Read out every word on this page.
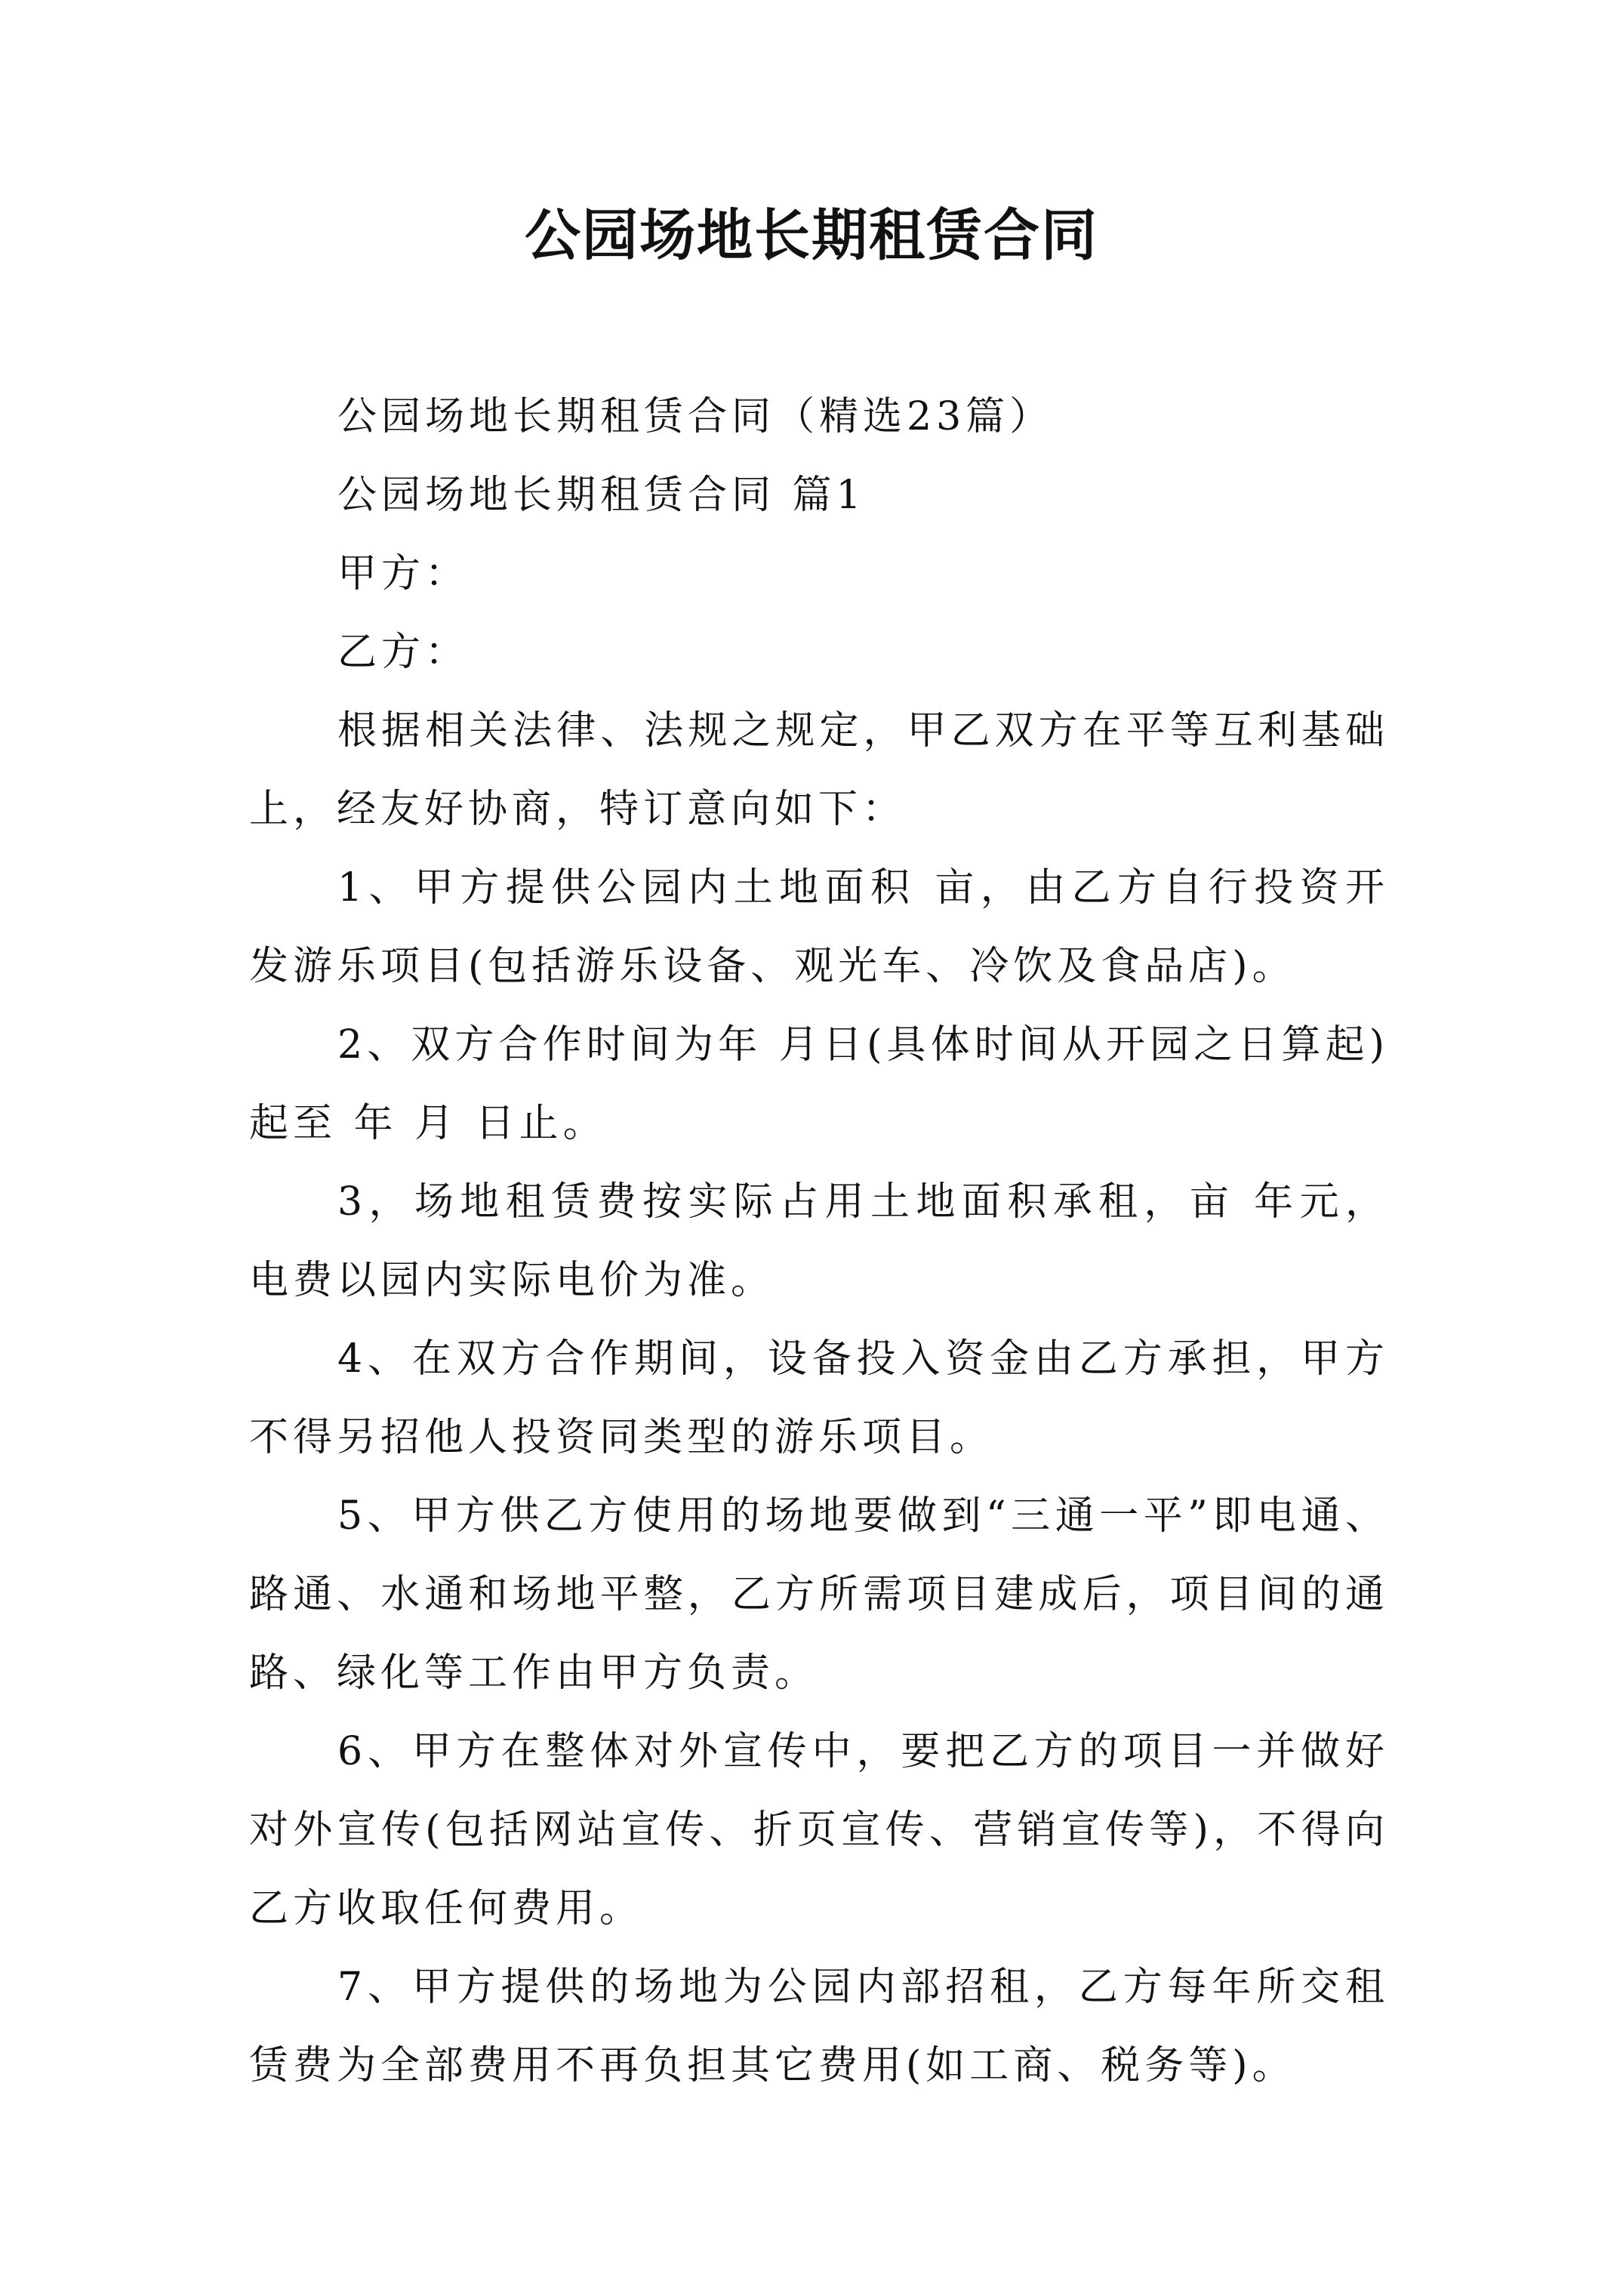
公园场地长期租赁合同

公园场地长期租赁合同（精选23篇）

公园场地长期租赁合同 篇1

甲方：

乙方：

根据相关法律、法规之规定，甲乙双方在平等互利基础上，经友好协商，特订意向如下：

1、甲方提供公园内土地面积 亩，由乙方自行投资开发游乐项目(包括游乐设备、观光车、冷饮及食品店)。

2、双方合作时间为年 月日(具体时间从开园之日算起)起至 年 月 日止。

3，场地租赁费按实际占用土地面积承租，亩 年元，电费以园内实际电价为准。

4、在双方合作期间，设备投入资金由乙方承担，甲方不得另招他人投资同类型的游乐项目。

5、甲方供乙方使用的场地要做到“三通一平”即电通、路通、水通和场地平整，乙方所需项目建成后，项目间的通路、绿化等工作由甲方负责。

6、甲方在整体对外宣传中，要把乙方的项目一并做好对外宣传(包括网站宣传、折页宣传、营销宣传等)，不得向乙方收取任何费用。

7、甲方提供的场地为公园内部招租，乙方每年所交租赁费为全部费用不再负担其它费用(如工商、税务等)。
